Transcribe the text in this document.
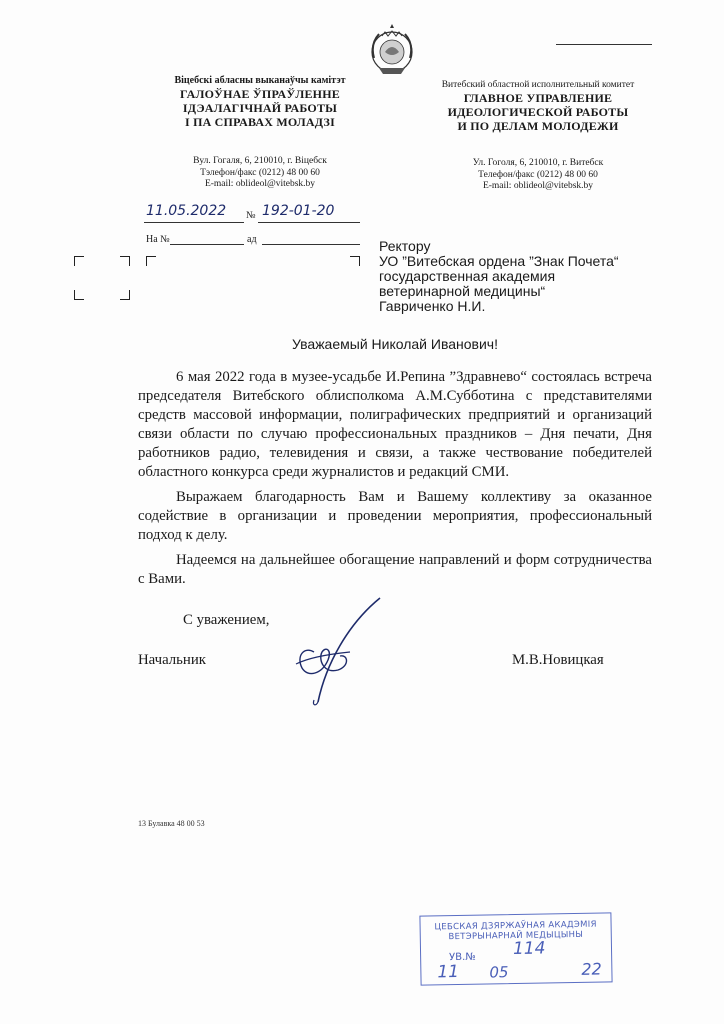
Віцебскі абласны выканаўчы камітэт
ГАЛОЎНАЕ ЎПРАЎЛЕННЕ
ІДЭАЛАГІЧНАЙ РАБОТЫ
І ПА СПРАВАХ МОЛАДЗІ
Вул. Гогаля, 6, 210010, г. Віцебск
Тэлефон/факс (0212) 48 00 60
E-mail: oblideol@vitebsk.by
Витебский областной исполнительный комитет
ГЛАВНОЕ УПРАВЛЕНИЕ
ИДЕОЛОГИЧЕСКОЙ РАБОТЫ
И ПО ДЕЛАМ МОЛОДЕЖИ
Ул. Гоголя, 6, 210010, г. Витебск
Телефон/факс (0212) 48 00 60
E-mail: oblideol@vitebsk.by
11.05.2022 № 192-01-20
На №	ад	Ректору
УО ”Витебская ордена ”Знак Почета“
государственная академия
ветеринарной медицины“
Гавриченко Н.И.
Уважаемый Николай Иванович!

6 мая 2022 года в музее-усадьбе И.Репина ”Здравнево“ состоялась встреча председателя Витебского облисполкома А.М.Субботина с представителями средств массовой информации, полиграфических предприятий и организаций связи области по случаю профессиональных праздников – Дня печати, Дня работников радио, телевидения и связи, а также чествование победителей областного конкурса среди журналистов и редакций СМИ.

Выражаем благодарность Вам и Вашему коллективу за оказанное содействие в организации и проведении мероприятия, профессиональный подход к делу.

Надеемся на дальнейшее обогащение направлений и форм сотрудничества с Вами.

С уважением,
Начальник	М.В.Новицкая
13 Булавка 48 00 53
ЦЕБСКАЯ ДЗЯРЖАЎНАЯ АКАДЭМІЯ
ВЕТЭРЫНАРНАЙ МЕДЫЦЫНЫ
УВ.№ 114
11 05	22
